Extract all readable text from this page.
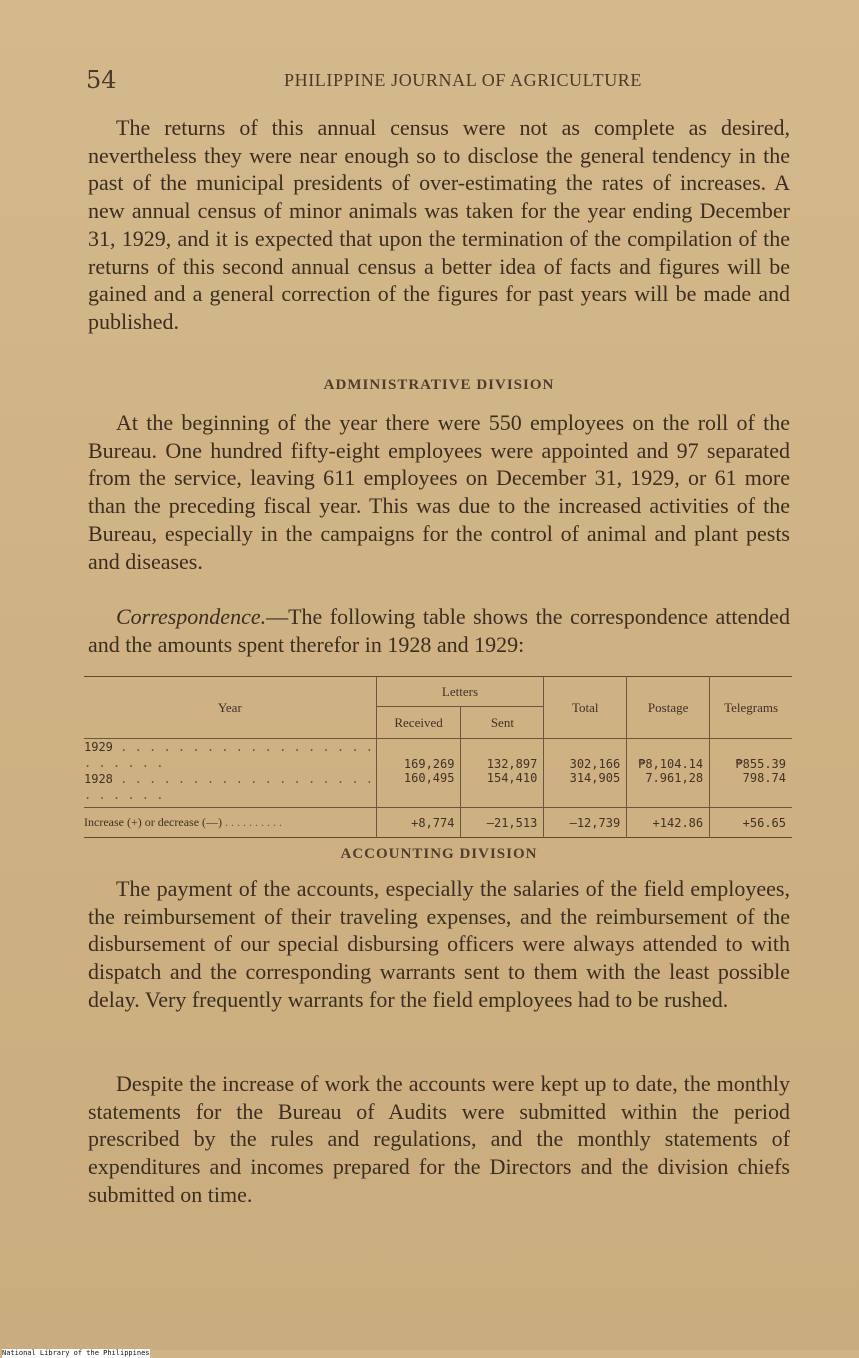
54	PHILIPPINE JOURNAL OF AGRICULTURE

The returns of this annual census were not as complete as desired, nevertheless they were near enough so to disclose the general tendency in the past of the municipal presidents of over-estimating the rates of increases. A new annual census of minor animals was taken for the year ending December 31, 1929, and it is expected that upon the termination of the compilation of the returns of this second annual census a better idea of facts and figures will be gained and a general correction of the figures for past years will be made and published.

ADMINISTRATIVE DIVISION

At the beginning of the year there were 550 employees on the roll of the Bureau. One hundred fifty-eight employees were appointed and 97 separated from the service, leaving 611 employees on December 31, 1929, or 61 more than the preceding fiscal year. This was due to the increased activities of the Bureau, especially in the campaigns for the control of animal and plant pests and diseases.

Correspondence.—The following table shows the correspondence attended and the amounts spent therefor in 1928 and 1929:

Year	Letters		Total	Postage	Telegrams
	Received	Sent			
1929 . . . . . . . . . . . . . . . . . . . . . . . .	169,269	132,897	302,166	₱8,104.14	₱855.39
1928 . . . . . . . . . . . . . . . . . . . . . . . .	160,495	154,410	314,905	7.961,28	798.74
Increase (+) or decrease (—) . . . . . . . . . .	+8,774	—21,513	—12,739	+142.86	+56.65
ACCOUNTING DIVISION

The payment of the accounts, especially the salaries of the field employees, the reimbursement of their traveling expenses, and the reimbursement of the disbursement of our special disbursing officers were always attended to with dispatch and the corresponding warrants sent to them with the least possible delay. Very frequently warrants for the field employees had to be rushed.

Despite the increase of work the accounts were kept up to date, the monthly statements for the Bureau of Audits were submitted within the period prescribed by the rules and regulations, and the monthly statements of expenditures and incomes prepared for the Directors and the division chiefs submitted on time.

National Library of the Philippines
